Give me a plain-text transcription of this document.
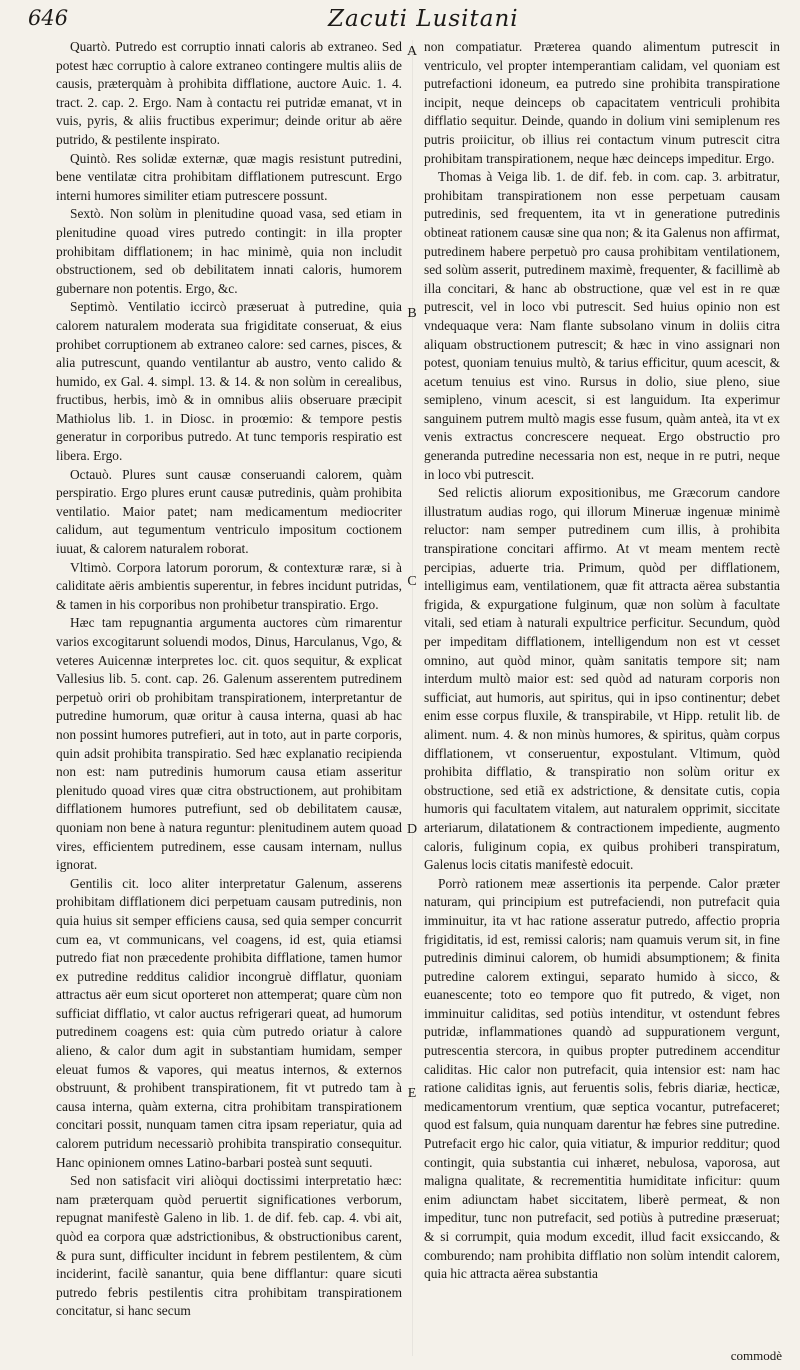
646	Zacuti Lusitani

Quartò. Putredo est corruptio innati caloris ab extraneo. Sed potest hæc corruptio à calore extraneo contingere multis aliis de causis, præterquàm à prohibita difflatione, auctore Auic. 1. 4. tract. 2. cap. 2. Ergo. Nam à contactu rei putridæ emanat, vt in vuis, pyris, & aliis fructibus experimur; deinde oritur ab aëre putrido, & pestilente inspirato.

Quintò. Res solidæ externæ, quæ magis resistunt putredini, bene ventilatæ citra prohibitam difflationem putrescunt. Ergo interni humores similiter etiam putrescere possunt.

Sextò. Non solùm in plenitudine quoad vasa, sed etiam in plenitudine quoad vires putredo contingit: in illa propter prohibitam difflationem; in hac minimè, quia non includit obstructionem, sed ob debilitatem innati caloris, humorem gubernare non potentis. Ergo, &c.

Septimò. Ventilatio iccircò præseruat à putredine, quia calorem naturalem moderata sua frigiditate conseruat, & eius prohibet corruptionem ab extraneo calore: sed carnes, pisces, & alia putrescunt, quando ventilantur ab austro, vento calido & humido, ex Gal. 4. simpl. 13. & 14. & non solùm in cerealibus, fructibus, herbis, imò & in omnibus aliis obseruare præcipit Mathiolus lib. 1. in Diosc. in proœmio: & tempore pestis generatur in corporibus putredo. At tunc temporis respiratio est libera. Ergo.

Octauò. Plures sunt causæ conseruandi calorem, quàm perspiratio. Ergo plures erunt causæ putredinis, quàm prohibita ventilatio. Maior patet; nam medicamentum mediocriter calidum, aut tegumentum ventriculo impositum coctionem iuuat, & calorem naturalem roborat.

Vltimò. Corpora latorum pororum, & contexturæ raræ, si à caliditate aëris ambientis superentur, in febres incidunt putridas, & tamen in his corporibus non prohibetur transpiratio. Ergo.

Hæc tam repugnantia argumenta auctores cùm rimarentur varios excogitarunt soluendi modos, Dinus, Harculanus, Vgo, & veteres Auicennæ interpretes loc. cit. quos sequitur, & explicat Vallesius lib. 5. cont. cap. 26. Galenum asserentem putredinem perpetuò oriri ob prohibitam transpirationem, interpretantur de putredine humorum, quæ oritur à causa interna, quasi ab hac non possint humores putrefieri, aut in toto, aut in parte corporis, quin adsit prohibita transpiratio. Sed hæc explanatio recipienda non est: nam putredinis humorum causa etiam asseritur plenitudo quoad vires quæ citra obstructionem, aut prohibitam difflationem humores putrefiunt, sed ob debilitatem causæ, quoniam non bene à natura reguntur: plenitudinem autem quoad vires, efficientem putredinem, esse causam internam, nullus ignorat.

Gentilis cit. loco aliter interpretatur Galenum, asserens prohibitam difflationem dici perpetuam causam putredinis, non quia huius sit semper efficiens causa, sed quia semper concurrit cum ea, vt communicans, vel coagens, id est, quia etiamsi putredo fiat non præcedente prohibita difflatione, tamen humor ex putredine redditus calidior incongruè difflatur, quoniam attractus aër eum sicut oporteret non attemperat; quare cùm non sufficiat difflatio, vt calor auctus refrigerari queat, ad humorum putredinem coagens est: quia cùm putredo oriatur à calore alieno, & calor dum agit in substantiam humidam, semper eleuat fumos & vapores, qui meatus internos, & externos obstruunt, & prohibent transpirationem, fit vt putredo tam à causa interna, quàm externa, citra prohibitam transpirationem concitari possit, nunquam tamen citra ipsam reperiatur, quia ad calorem putridum necessariò prohibita transpiratio consequitur. Hanc opinionem omnes Latino-barbari posteà sunt sequuti.

Sed non satisfacit viri aliòqui doctissimi interpretatio hæc: nam præterquam quòd peruertit significationes verborum, repugnat manifestè Galeno in lib. 1. de dif. feb. cap. 4. vbi ait, quòd ea corpora quæ adstrictionibus, & obstructionibus carent, & pura sunt, difficulter incidunt in febrem pestilentem, & cùm inciderint, facilè sanantur, quia bene difflantur: quare sicuti putredo febris pestilentis citra prohibitam transpirationem concitatur, si hanc secum

A
B
C
D
E

non compatiatur. Præterea quando alimentum putrescit in ventriculo, vel propter intemperantiam calidam, vel quoniam est putrefactioni idoneum, ea putredo sine prohibita transpiratione incipit, neque deinceps ob capacitatem ventriculi prohibita difflatio sequitur. Deinde, quando in dolium vini semiplenum res putris proiicitur, ob illius rei contactum vinum putrescit citra prohibitam transpirationem, neque hæc deinceps impeditur. Ergo.

Thomas à Veiga lib. 1. de dif. feb. in com. cap. 3. arbitratur, prohibitam transpirationem non esse perpetuam causam putredinis, sed frequentem, ita vt in generatione putredinis obtineat rationem causæ sine qua non; & ita Galenus non affirmat, putredinem habere perpetuò pro causa prohibitam ventilationem, sed solùm asserit, putredinem maximè, frequenter, & facillimè ab illa concitari, & hanc ab obstructione, quæ vel est in re quæ putrescit, vel in loco vbi putrescit. Sed huius opinio non est vndequaque vera: Nam flante subsolano vinum in doliis citra aliquam obstructionem putrescit; & hæc in vino assignari non potest, quoniam tenuius multò, & tarius efficitur, quum acescit, & acetum tenuius est vino. Rursus in dolio, siue pleno, siue semipleno, vinum acescit, si est languidum. Ita experimur sanguinem putrem multò magis esse fusum, quàm anteà, ita vt ex venis extractus concrescere nequeat. Ergo obstructio pro generanda putredine necessaria non est, neque in re putri, neque in loco vbi putrescit.

Sed relictis aliorum expositionibus, me Græcorum candore illustratum audias rogo, qui illorum Mineruæ ingenuæ minimè reluctor: nam semper putredinem cum illis, à prohibita transpiratione concitari affirmo. At vt meam mentem rectè percipias, aduerte tria. Primum, quòd per difflationem, intelligimus eam, ventilationem, quæ fit attracta aërea substantia frigida, & expurgatione fulginum, quæ non solùm à facultate vitali, sed etiam à naturali expultrice perficitur. Secundum, quòd per impeditam difflationem, intelligendum non est vt cesset omnino, aut quòd minor, quàm sanitatis tempore sit; nam interdum multò maior est: sed quòd ad naturam corporis non sufficiat, aut humoris, aut spiritus, qui in ipso continentur; debet enim esse corpus fluxile, & transpirabile, vt Hipp. retulit lib. de aliment. num. 4. & non minùs humores, & spiritus, quàm corpus difflationem, vt conseruentur, expostulant. Vltimum, quòd prohibita difflatio, & transpiratio non solùm oritur ex obstructione, sed etiã ex adstrictione, & densitate cutis, copia humoris qui facultatem vitalem, aut naturalem opprimit, siccitate arteriarum, dilatationem & contractionem impediente, augmento caloris, fuliginum copia, ex quibus prohiberi transpiratum, Galenus locis citatis manifestè edocuit.

Porrò rationem meæ assertionis ita perpende. Calor præter naturam, qui principium est putrefaciendi, non putrefacit quia imminuitur, ita vt hac ratione asseratur putredo, affectio propria frigiditatis, id est, remissi caloris; nam quamuis verum sit, in fine putredinis diminui calorem, ob humidi absumptionem; & finita putredine calorem extingui, separato humido à sicco, & euanescente; toto eo tempore quo fit putredo, & viget, non imminuitur caliditas, sed potiùs intenditur, vt ostendunt febres putridæ, inflammationes quandò ad suppurationem vergunt, putrescentia stercora, in quibus propter putredinem accenditur caliditas. Hic calor non putrefacit, quia intensior est: nam hac ratione caliditas ignis, aut feruentis solis, febris diariæ, hecticæ, medicamentorum vrentium, quæ septica vocantur, putrefaceret; quod est falsum, quia nunquam darentur hæ febres sine putredine. Putrefacit ergo hic calor, quia vitiatur, & impurior redditur; quod contingit, quia substantia cui inhæret, nebulosa, vaporosa, aut maligna qualitate, & recrementitia humiditate inficitur: quum enim adiunctam habet siccitatem, liberè permeat, & non impeditur, tunc non putrefacit, sed potiùs à putredine præseruat; & si corrumpit, quia modum excedit, illud facit exsiccando, & comburendo; nam prohibita difflatio non solùm intendit calorem, quia hic attracta aërea substantia

commodè
